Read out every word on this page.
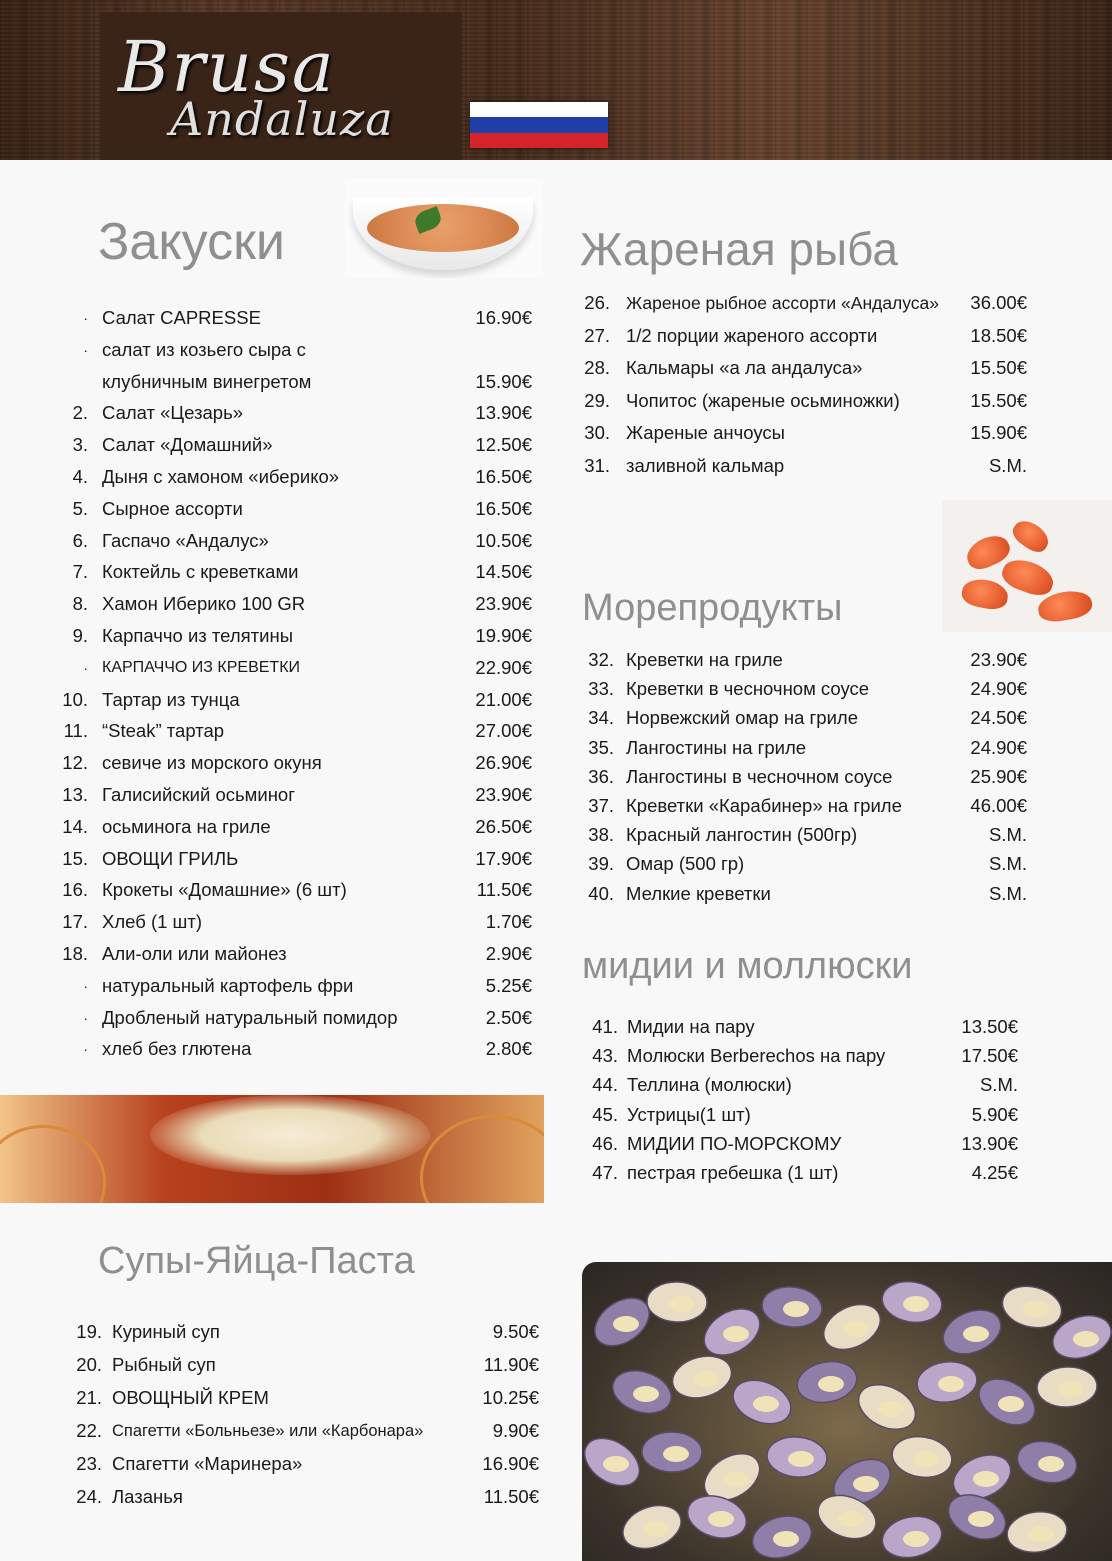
Brusa
Andaluza
Закуски
· Салат CAPRESSE	16.90€
· салат из козьего сыра с
клубничным винегретом	15.90€
2. Салат «Цезарь»	13.90€
3. Салат «Домашний»	12.50€
4. Дыня с хамоном «иберико»	16.50€
5. Сырное ассорти	16.50€
6. Гаспачо «Андалус»	10.50€
7. Коктейль с креветками	14.50€
8. Хамон Иберико 100 GR	23.90€
9. Карпаччо из телятины	19.90€
· КАРПАЧЧО ИЗ КРЕВЕТКИ	22.90€
10. Тартар из тунца	21.00€
11. “Steak” тартар	27.00€
12. севиче из морского окуня	26.90€
13. Галисийский осьминог	23.90€
14. осьминога на гриле	26.50€
15. ОВОЩИ ГРИЛЬ	17.90€
16. Крокеты «Домашние» (6 шт)	11.50€
17. Хлеб (1 шт)	1.70€
18. Али-оли или майонез	2.90€
· натуральный картофель фри	5.25€
· Дробленый натуральный помидор	2.50€
· хлеб без глютена	2.80€
Супы-Яйца-Паста
19. Куриный суп	9.50€
20. Рыбный суп	11.90€
21. ОВОЩНЫЙ КРЕМ	10.25€
22. Спагетти «Больньезе» или «Карбонара»	9.90€
23. Спагетти «Маринера»	16.90€
24. Лазанья	11.50€
Жареная рыба
26. Жареное рыбное ассорти «Андалуса» 36.00€
27. 1/2 порции жареного ассорти	18.50€
28. Кальмары «а ла андалуса»	15.50€
29. Чопитос (жареные осьминожки)	15.50€
30. Жареные анчоусы	15.90€
31. заливной кальмар	S.M.
Морепродукты
32. Креветки на гриле	23.90€
33. Креветки в чесночном соусе	24.90€
34. Норвежский омар на гриле	24.50€
35. Лангостины на гриле	24.90€
36. Лангостины в чесночном соусе	25.90€
37. Креветки «Карабинер» на гриле	46.00€
38. Красный лангостин (500гр)	S.M.
39. Омар (500 гр)	S.M.
40. Мелкие креветки	S.M.
мидии и моллюски
41. Мидии на пару	13.50€
43. Молюски Berberechos на пару	17.50€
44. Теллина (молюски)	S.M.
45. Устрицы(1 шт)	5.90€
46. МИДИИ ПО-МОРСКОМУ	13.90€
47. пестрая гребешка (1 шт)	4.25€
